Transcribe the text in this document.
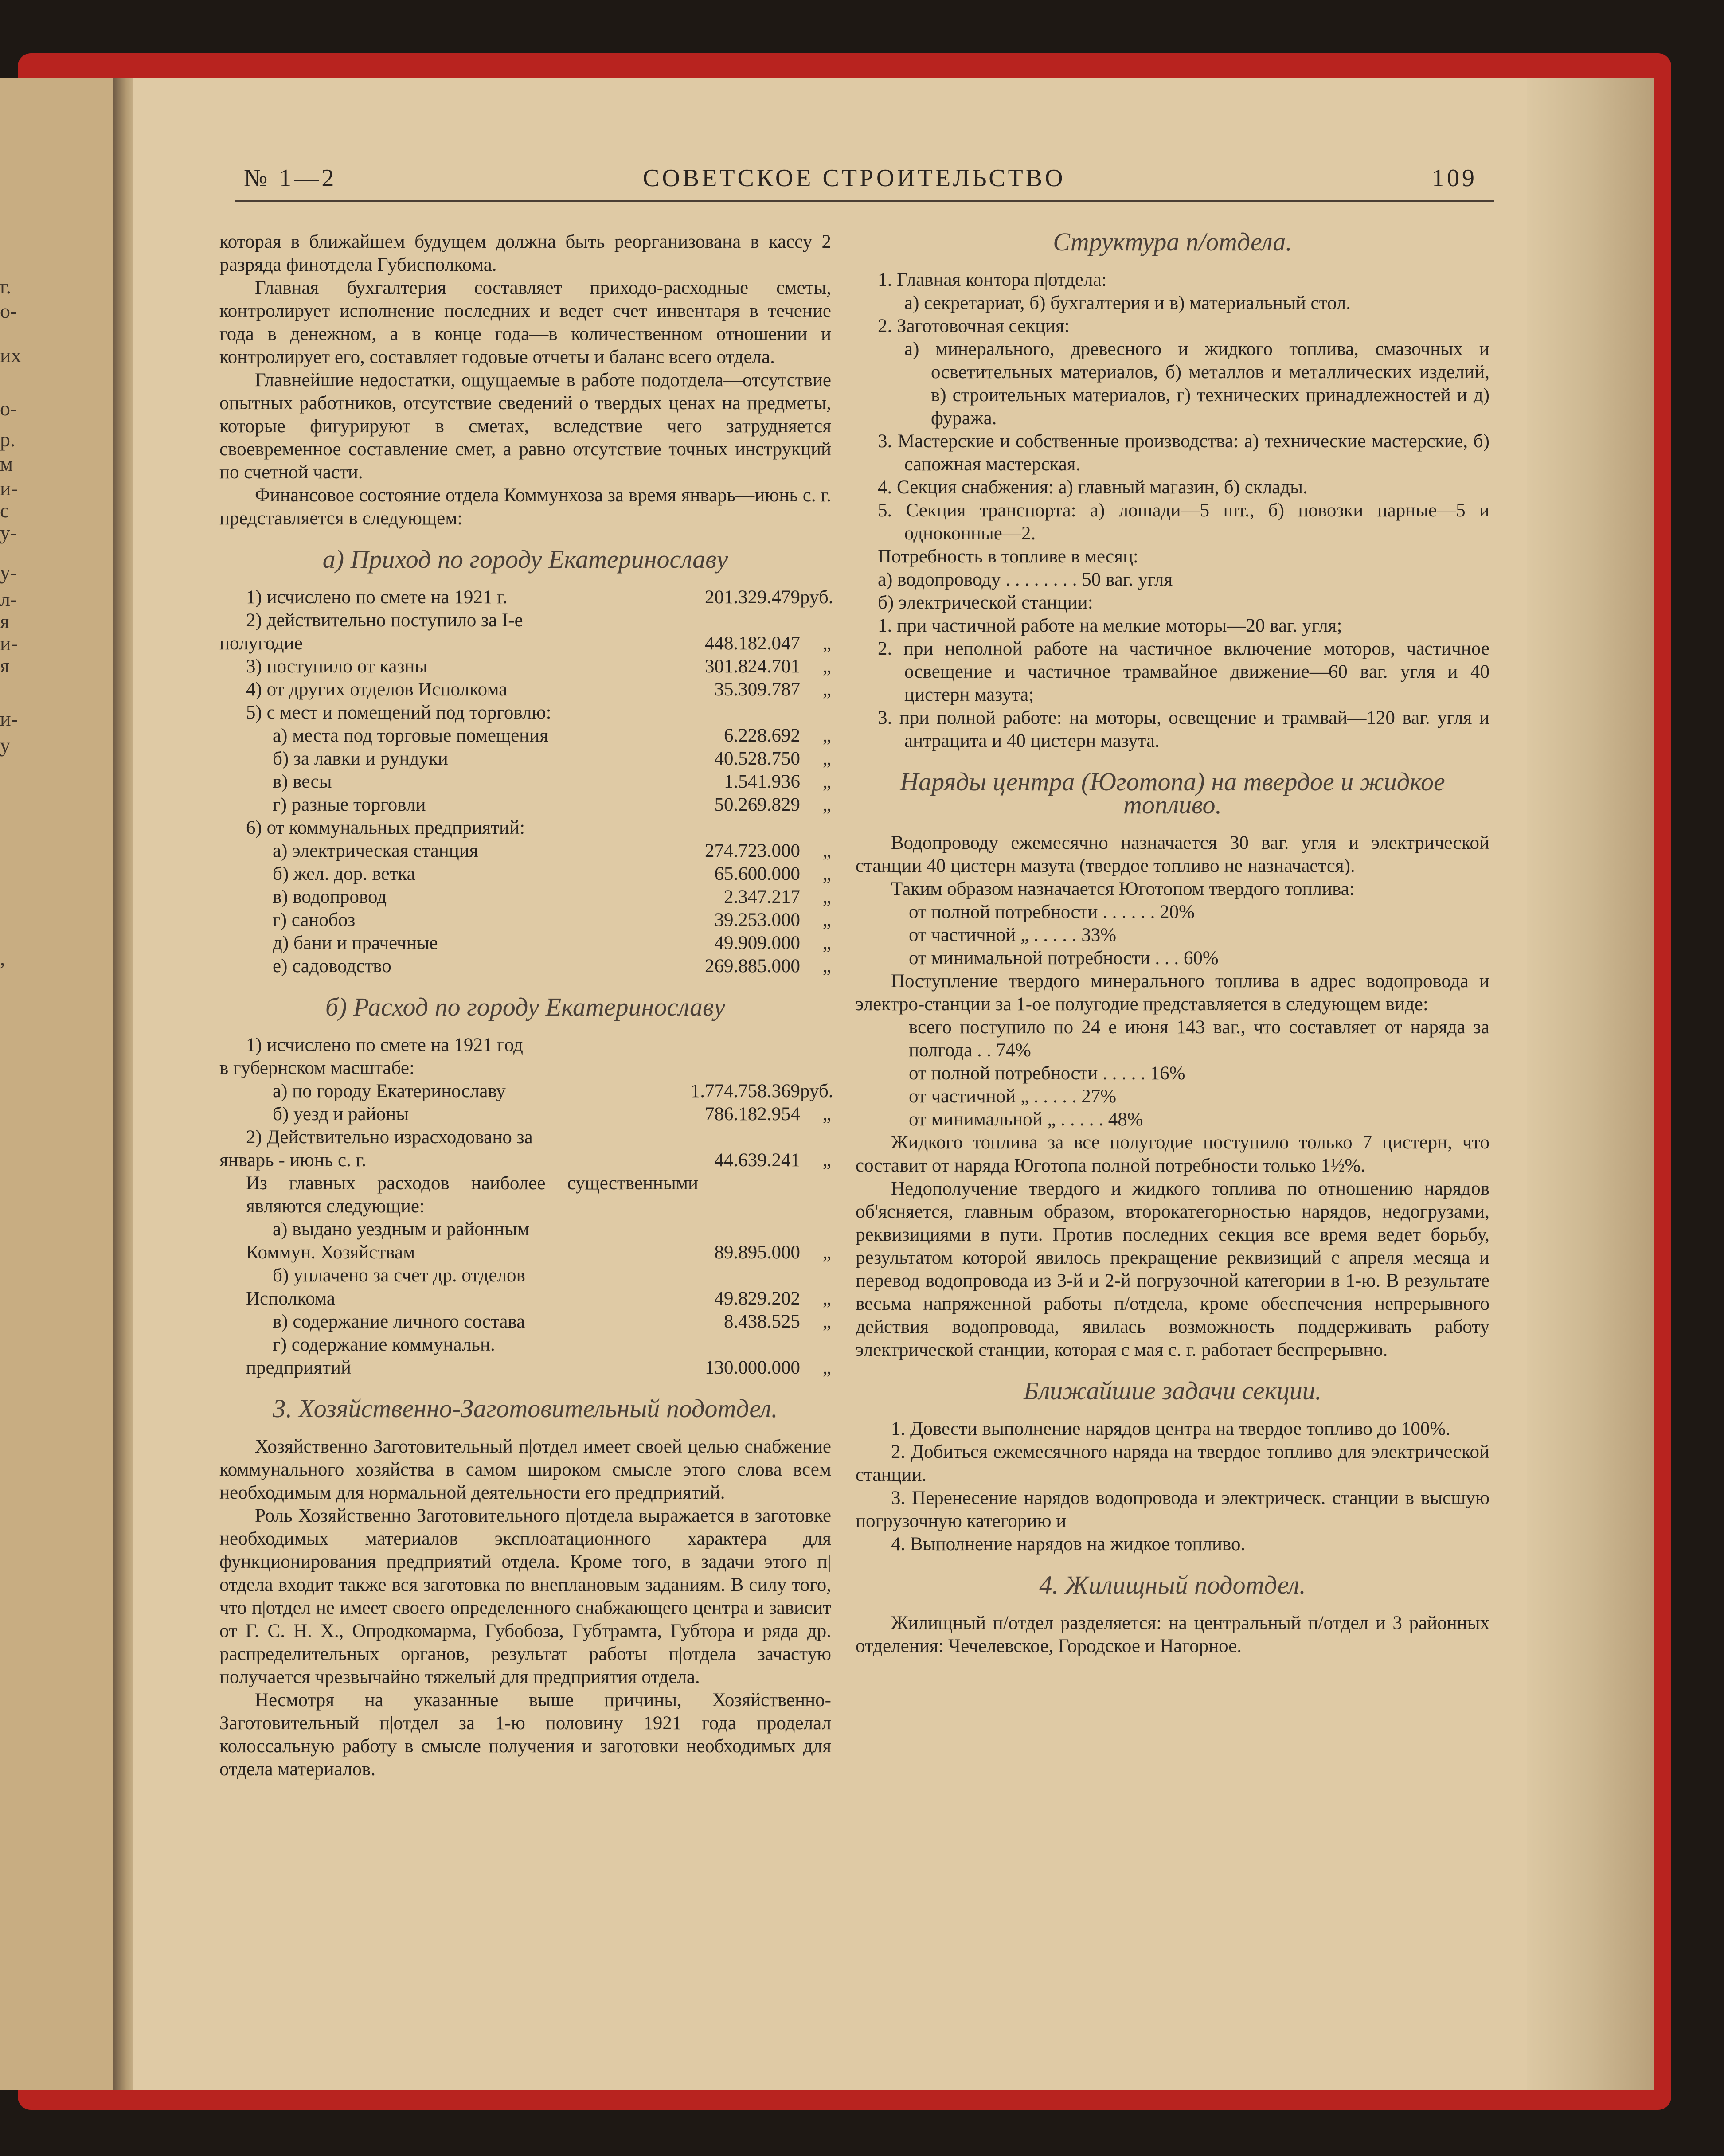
г.
о-
их
о-
р.
м
и-
с
у-
у-
л-
я
и-
я
и-
у
,
№ 1—2	СОВЕТСКОЕ СТРОИТЕЛЬСТВО	109

которая в ближайшем будущем должна быть реорганизована в кассу 2 разряда финотдела Губисполкома.

Главная бухгалтерия составляет приходо-расходные сметы, контролирует исполнение последних и ведет счет инвентаря в течение года в денежном, а в конце года—в количественном отношении и контролирует его, составляет годовые отчеты и баланс всего отдела.

Главнейшие недостатки, ощущаемые в работе подотдела—отсутствие опытных работников, отсутствие сведений о твердых ценах на предметы, которые фигурируют в сметах, вследствие чего затрудняется своевременное составление смет, а равно отсутствие точных инструкций по счетной части.

Финансовое состояние отдела Коммунхоза за время январь—июнь с. г. представляется в следующем:

а) Приход по городу Екатеринославу
1) исчислено по смете на 1921 г.	201.329.479 руб.

2) действительно поступило за I-е

полугодие	448.182.047	„
3) поступило от казны	301.824.701	„
4) от других отделов Исполкома	35.309.787	„

5) с мест и помещений под торговлю:

а) места под торговые помещения	6.228.692	„
б) за лавки и рундуки	40.528.750	„
в) весы	1.541.936	„
г) разные торговли	50.269.829	„

6) от коммунальных предприятий:

а) электрическая станция	274.723.000	„
б) жел. дор. ветка	65.600.000	„
в) водопровод	2.347.217	„
г) санобоз	39.253.000	„
д) бани и прачечные	49.909.000	„
е) садоводство	269.885.000	„
б) Расход по городу Екатеринославу

1) исчислено по смете на 1921 год

в губернском масштабе:

а) по городу Екатеринославу	1.774.758.369 руб.
б) уезд и районы	786.182.954	„

2) Действительно израсходовано за

январь - июнь с. г.	44.639.241	„

Из главных расходов наиболее существенными являются следующие:

а) выдано уездным и районным

Коммун. Хозяйствам	89.895.000	„

б) уплачено за счет др. отделов

Исполкома	49.829.202	„
в) содержание личного состава	8.438.525	„

г) содержание коммунальн.

предприятий	130.000.000	„
3. Хозяйственно-Заготовительный подотдел.

Хозяйственно Заготовительный п|отдел имеет своей целью снабжение коммунального хозяйства в самом широком смысле этого слова всем необходимым для нормальной деятельности его предприятий.

Роль Хозяйственно Заготовительного п|отдела выражается в заготовке необходимых материалов эксплоатационного характера для функционирования предприятий отдела. Кроме того, в задачи этого п|отдела входит также вся заготовка по внеплановым заданиям. В силу того, что п|отдел не имеет своего определенного снабжающего центра и зависит от Г. С. Н. Х., Опродкомарма, Губобоза, Губтрамта, Губтора и ряда др. распределительных органов, результат работы п|отдела зачастую получается чрезвычайно тяжелый для предприятия отдела.

Несмотря на указанные выше причины, Хозяйственно-Заготовительный п|отдел за 1-ю половину 1921 года проделал колоссальную работу в смысле получения и заготовки необходимых для отдела материалов.

Структура п/отдела.

1. Главная контора п|отдела:

а) секретариат, б) бухгалтерия и в) материальный стол.

2. Заготовочная секция:

а) минерального, древесного и жидкого топлива, смазочных и осветительных материалов, б) металлов и металлических изделий, в) строительных материалов, г) технических принадлежностей и д) фуража.

3. Мастерские и собственные производства: а) технические мастерские, б) сапожная мастерская.

4. Секция снабжения: а) главный магазин, б) склады.

5. Секция транспорта: а) лошади—5 шт., б) повозки парные—5 и одноконные—2.

Потребность в топливе в месяц:

а) водопроводу . . . . . . . . 50 ваг. угля

б) электрической станции:

1. при частичной работе на мелкие моторы—20 ваг. угля;

2. при неполной работе на частичное включение моторов, частичное освещение и частичное трамвайное движение—60 ваг. угля и 40 цистерн мазута;

3. при полной работе: на моторы, освещение и трамвай—120 ваг. угля и антрацита и 40 цистерн мазута.

Наряды центра (Юготопа) на твердое и жидкое топливо.

Водопроводу ежемесячно назначается 30 ваг. угля и электрической станции 40 цистерн мазута (твердое топливо не назначается).

Таким образом назначается Юготопом твердого топлива:

от полной потребности . . . . . . 20%

от частичной „ . . . . . 33%

от минимальной потребности . . . 60%

Поступление твердого минерального топлива в адрес водопровода и электро-станции за 1-ое полугодие представляется в следующем виде:

всего поступило по 24 е июня 143 ваг., что составляет от наряда за полгода . . 74%

от полной потребности . . . . . 16%

от частичной „ . . . . . 27%

от минимальной „ . . . . . 48%

Жидкого топлива за все полугодие поступило только 7 цистерн, что составит от наряда Юготопа полной потребности только 1½%.

Недополучение твердого и жидкого топлива по отношению нарядов об'ясняется, главным образом, второкатегорностью нарядов, недогрузами, реквизициями в пути. Против последних секция все время ведет борьбу, результатом которой явилось прекращение реквизиций с апреля месяца и перевод водопровода из 3-й и 2-й погрузочной категории в 1-ю. В результате весьма напряженной работы п/отдела, кроме обеспечения непрерывного действия водопровода, явилась возможность поддерживать работу электрической станции, которая с мая с. г. работает беспрерывно.

Ближайшие задачи секции.

1. Довести выполнение нарядов центра на твердое топливо до 100%.

2. Добиться ежемесячного наряда на твердое топливо для электрической станции.

3. Перенесение нарядов водопровода и электрическ. станции в высшую погрузочную категорию и

4. Выполнение нарядов на жидкое топливо.

4. Жилищный подотдел.

Жилищный п/отдел разделяется: на центральный п/отдел и 3 районных отделения: Чечелевское, Городское и Нагорное.
